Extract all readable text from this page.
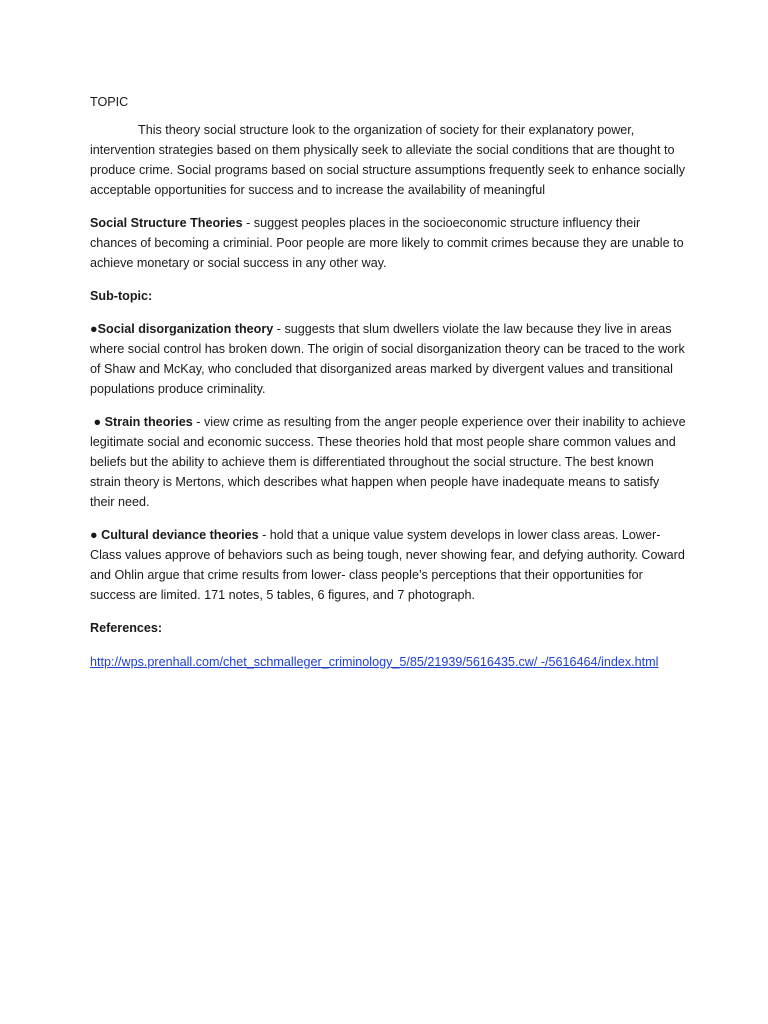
TOPIC

This theory social structure look to the organization of society for their explanatory power, intervention strategies based on them physically seek to alleviate the social conditions that are thought to produce crime. Social programs based on social structure assumptions frequently seek to enhance socially acceptable opportunities for success and to increase the availability of meaningful

Social Structure Theories - suggest peoples places in the socioeconomic structure influency their chances of becoming a criminial. Poor people are more likely to commit crimes because they are unable to achieve monetary or social success in any other way.

Sub-topic:

●Social disorganization theory - suggests that slum dwellers violate the law because they live in areas where social control has broken down. The origin of social disorganization theory can be traced to the work of Shaw and McKay, who concluded that disorganized areas marked by divergent values and transitional populations produce criminality.

● Strain theories - view crime as resulting from the anger people experience over their inability to achieve legitimate social and economic success. These theories hold that most people share common values and beliefs but the ability to achieve them is differentiated throughout the social structure. The best known strain theory is Mertons, which describes what happen when people have inadequate means to satisfy their need.

● Cultural deviance theories - hold that a unique value system develops in lower class areas. Lower-Class values approve of behaviors such as being tough, never showing fear, and defying authority. Coward and Ohlin argue that crime results from lower- class people’s perceptions that their opportunities for success are limited. 171 notes, 5 tables, 6 figures, and 7 photograph.

References:

http://wps.prenhall.com/chet_schmalleger_criminology_5/85/21939/5616435.cw/ -/5616464/index.html
